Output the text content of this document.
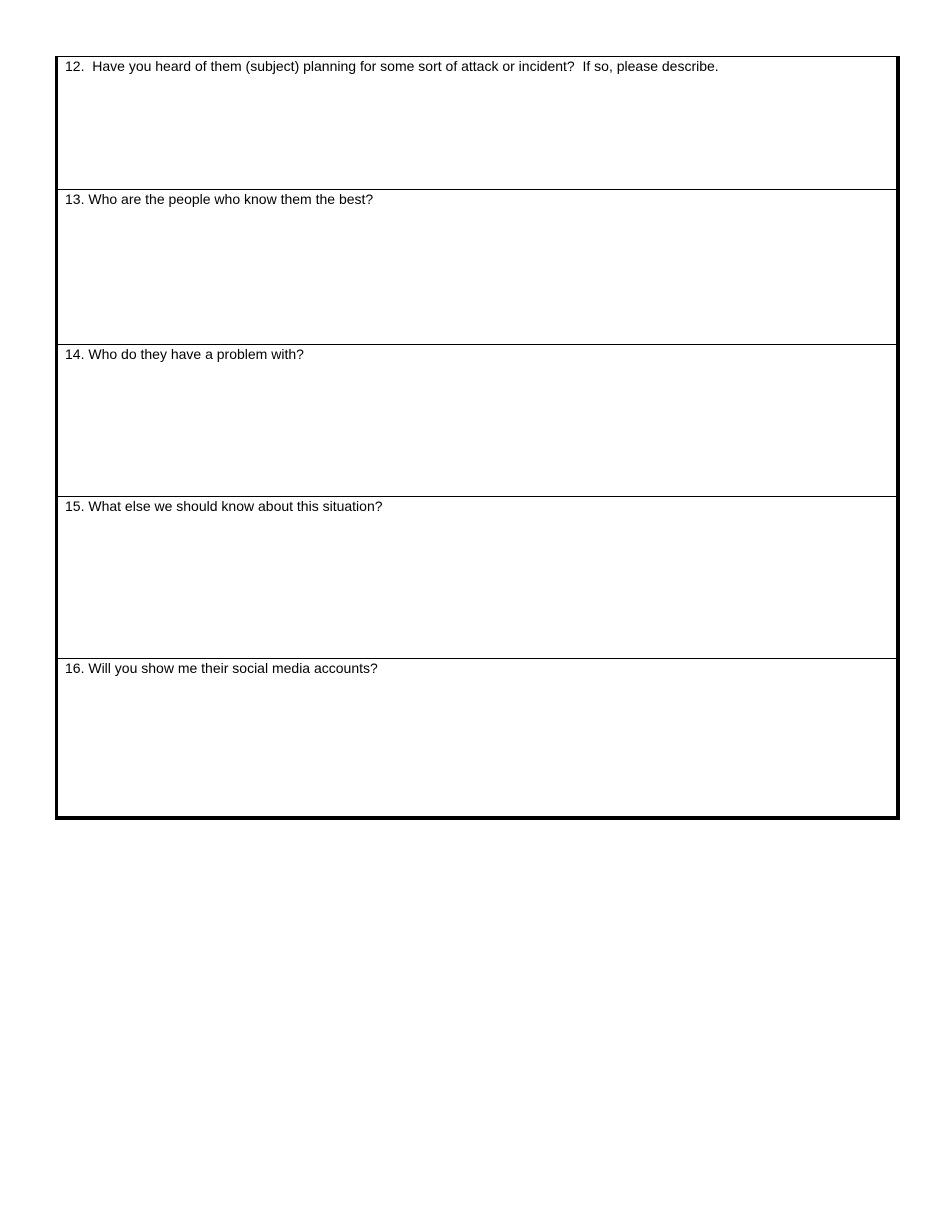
12.  Have you heard of them (subject) planning for some sort of attack or incident?  If so, please describe.
13. Who are the people who know them the best?
14. Who do they have a problem with?
15. What else we should know about this situation?
16. Will you show me their social media accounts?
